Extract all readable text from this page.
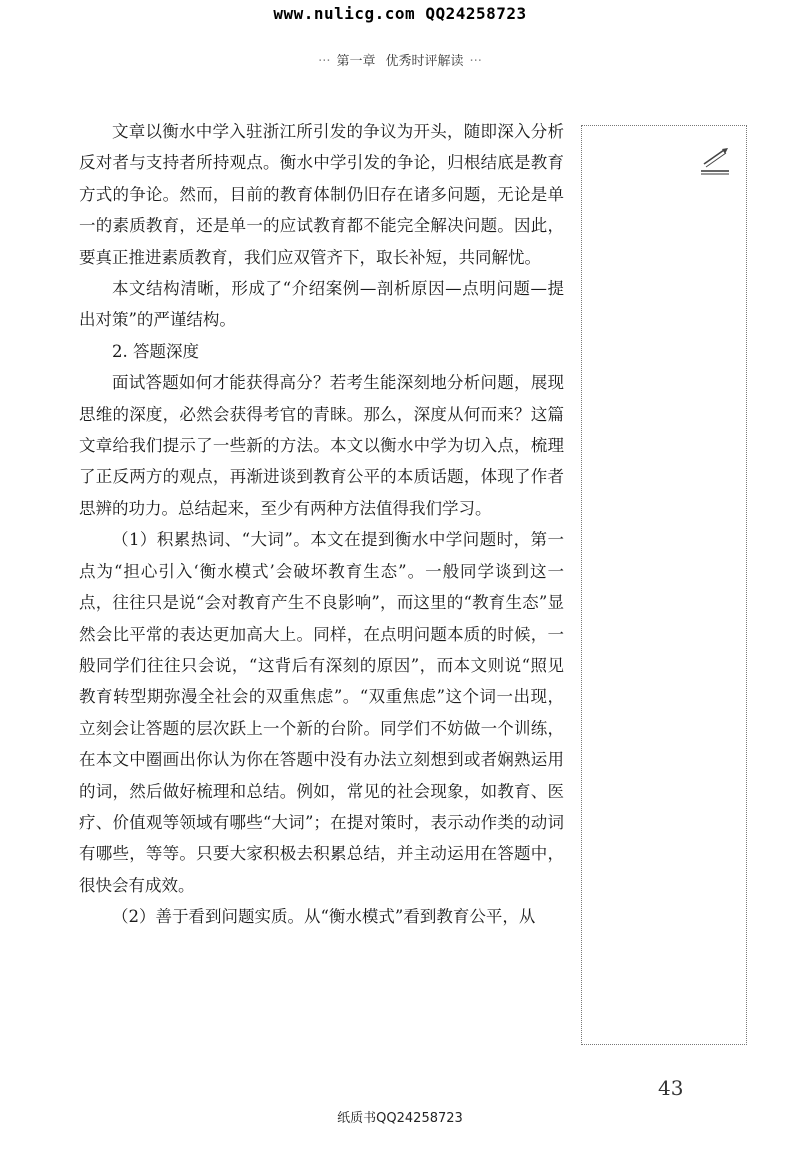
www.nulicg.com QQ24258723
··· 第一章 优秀时评解读 ···

文章以衡水中学入驻浙江所引发的争议为开头，随即深入分析反对者与支持者所持观点。衡水中学引发的争论，归根结底是教育方式的争论。然而，目前的教育体制仍旧存在诸多问题，无论是单一的素质教育，还是单一的应试教育都不能完全解决问题。因此，要真正推进素质教育，我们应双管齐下，取长补短，共同解忧。

本文结构清晰，形成了“介绍案例—剖析原因—点明问题—提出对策”的严谨结构。

2. 答题深度

面试答题如何才能获得高分？若考生能深刻地分析问题，展现思维的深度，必然会获得考官的青睐。那么，深度从何而来？这篇文章给我们提示了一些新的方法。本文以衡水中学为切入点，梳理了正反两方的观点，再渐进谈到教育公平的本质话题，体现了作者思辨的功力。总结起来，至少有两种方法值得我们学习。

（1）积累热词、“大词”。本文在提到衡水中学问题时，第一点为“担心引入‘衡水模式’会破坏教育生态”。一般同学谈到这一点，往往只是说“会对教育产生不良影响”，而这里的“教育生态”显然会比平常的表达更加高大上。同样，在点明问题本质的时候，一般同学们往往只会说，“这背后有深刻的原因”，而本文则说“照见教育转型期弥漫全社会的双重焦虑”。“双重焦虑”这个词一出现，立刻会让答题的层次跃上一个新的台阶。同学们不妨做一个训练，在本文中圈画出你认为你在答题中没有办法立刻想到或者娴熟运用的词，然后做好梳理和总结。例如，常见的社会现象，如教育、医疗、价值观等领域有哪些“大词”；在提对策时，表示动作类的动词有哪些，等等。只要大家积极去积累总结，并主动运用在答题中，很快会有成效。

（2）善于看到问题实质。从“衡水模式”看到教育公平，从

43
纸质书QQ24258723
